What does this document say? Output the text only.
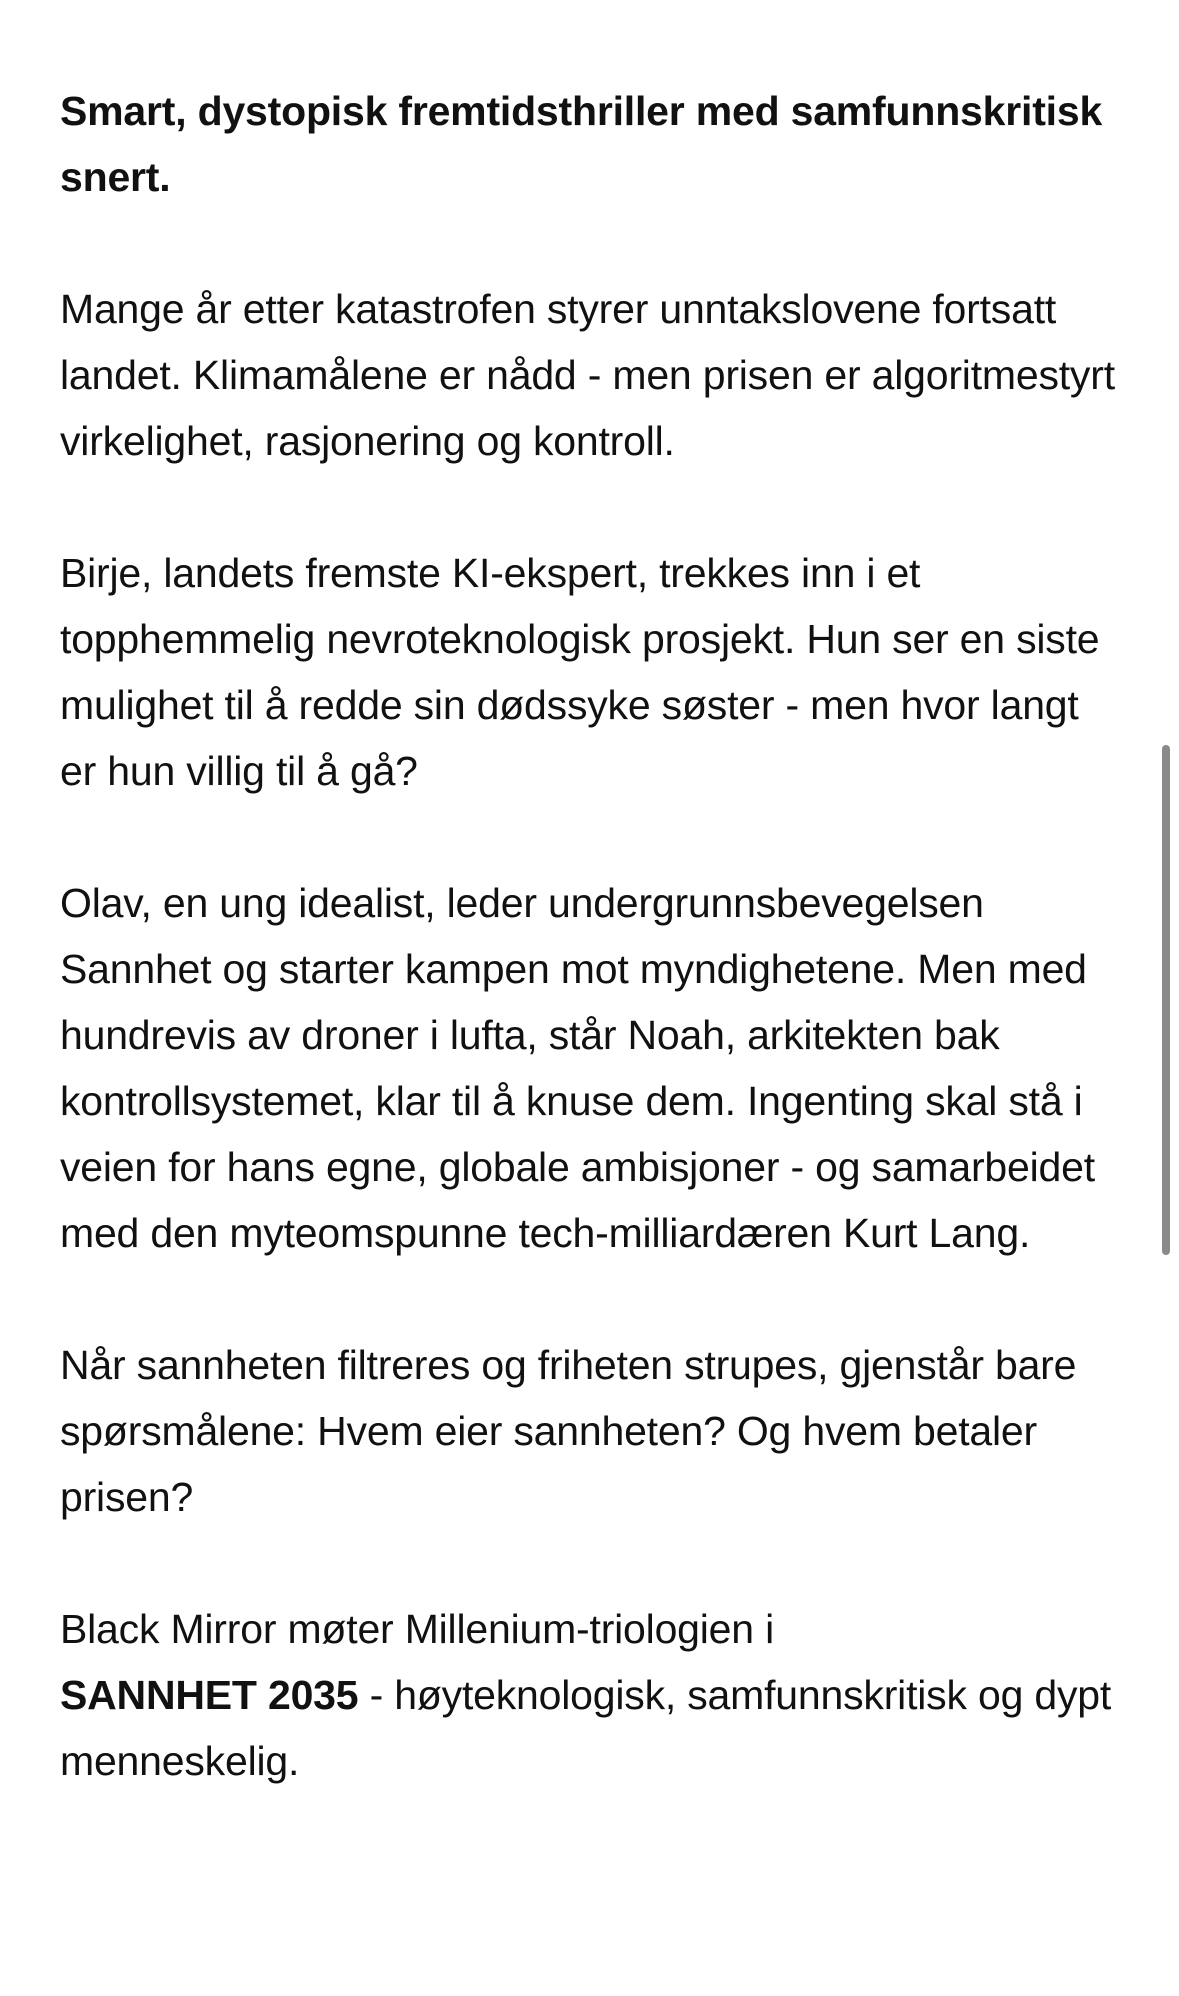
Smart, dystopisk fremtidsthriller med samfunnskritisk snert.

Mange år etter katastrofen styrer unntakslovene fortsatt landet. Klimamålene er nådd - men prisen er algoritmestyrt virkelighet, rasjonering og kontroll.

Birje, landets fremste KI-ekspert, trekkes inn i et topphemmelig nevroteknologisk prosjekt. Hun ser en siste mulighet til å redde sin dødssyke søster - men hvor langt er hun villig til å gå?

Olav, en ung idealist, leder undergrunnsbevegelsen Sannhet og starter kampen mot myndighetene. Men med hundrevis av droner i lufta, står Noah, arkitekten bak kontrollsystemet, klar til å knuse dem. Ingenting skal stå i veien for hans egne, globale ambisjoner - og samarbeidet med den myteomspunne tech-milliardæren Kurt Lang.

Når sannheten filtreres og friheten strupes, gjenstår bare spørsmålene: Hvem eier sannheten? Og hvem betaler prisen?

Black Mirror møter Millenium-triologien i
SANNHET 2035 - høyteknologisk, samfunnskritisk og dypt menneskelig.
